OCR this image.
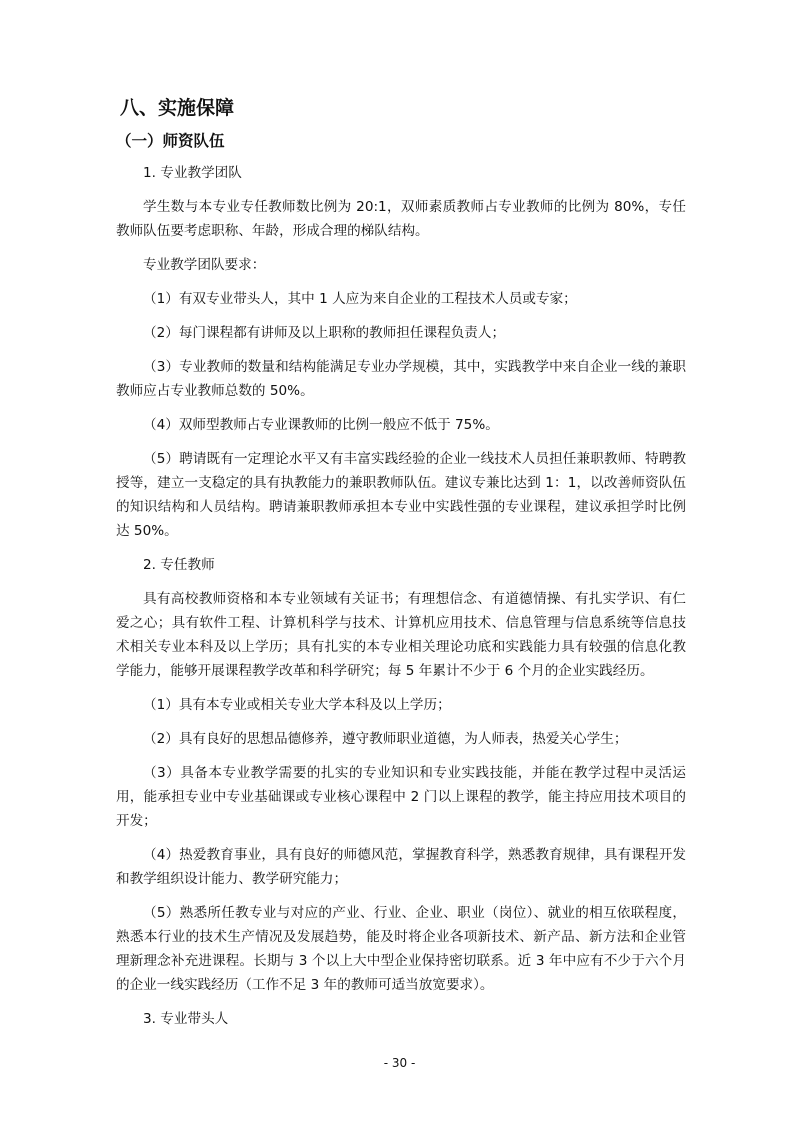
八、实施保障
（一）师资队伍
1. 专业教学团队
学生数与本专业专任教师数比例为 20:1，双师素质教师占专业教师的比例为 80%，专任教师队伍要考虑职称、年龄，形成合理的梯队结构。
专业教学团队要求：
（1）有双专业带头人，其中 1 人应为来自企业的工程技术人员或专家；
（2）每门课程都有讲师及以上职称的教师担任课程负责人；
（3）专业教师的数量和结构能满足专业办学规模，其中，实践教学中来自企业一线的兼职教师应占专业教师总数的 50%。
（4）双师型教师占专业课教师的比例一般应不低于 75%。
（5）聘请既有一定理论水平又有丰富实践经验的企业一线技术人员担任兼职教师、特聘教授等，建立一支稳定的具有执教能力的兼职教师队伍。建议专兼比达到 1：1，以改善师资队伍的知识结构和人员结构。聘请兼职教师承担本专业中实践性强的专业课程，建议承担学时比例达 50%。
2. 专任教师
具有高校教师资格和本专业领域有关证书；有理想信念、有道德情操、有扎实学识、有仁爱之心；具有软件工程、计算机科学与技术、计算机应用技术、信息管理与信息系统等信息技术相关专业本科及以上学历；具有扎实的本专业相关理论功底和实践能力具有较强的信息化教学能力，能够开展课程教学改革和科学研究；每 5 年累计不少于 6 个月的企业实践经历。
（1）具有本专业或相关专业大学本科及以上学历；
（2）具有良好的思想品德修养，遵守教师职业道德，为人师表，热爱关心学生；
（3）具备本专业教学需要的扎实的专业知识和专业实践技能，并能在教学过程中灵活运用，能承担专业中专业基础课或专业核心课程中 2 门以上课程的教学，能主持应用技术项目的开发；
（4）热爱教育事业，具有良好的师德风范，掌握教育科学，熟悉教育规律，具有课程开发和教学组织设计能力、教学研究能力；
（5）熟悉所任教专业与对应的产业、行业、企业、职业（岗位）、就业的相互依联程度，熟悉本行业的技术生产情况及发展趋势，能及时将企业各项新技术、新产品、新方法和企业管理新理念补充进课程。长期与 3 个以上大中型企业保持密切联系。近 3 年中应有不少于六个月的企业一线实践经历（工作不足 3 年的教师可适当放宽要求）。
3. 专业带头人
- 30 -
